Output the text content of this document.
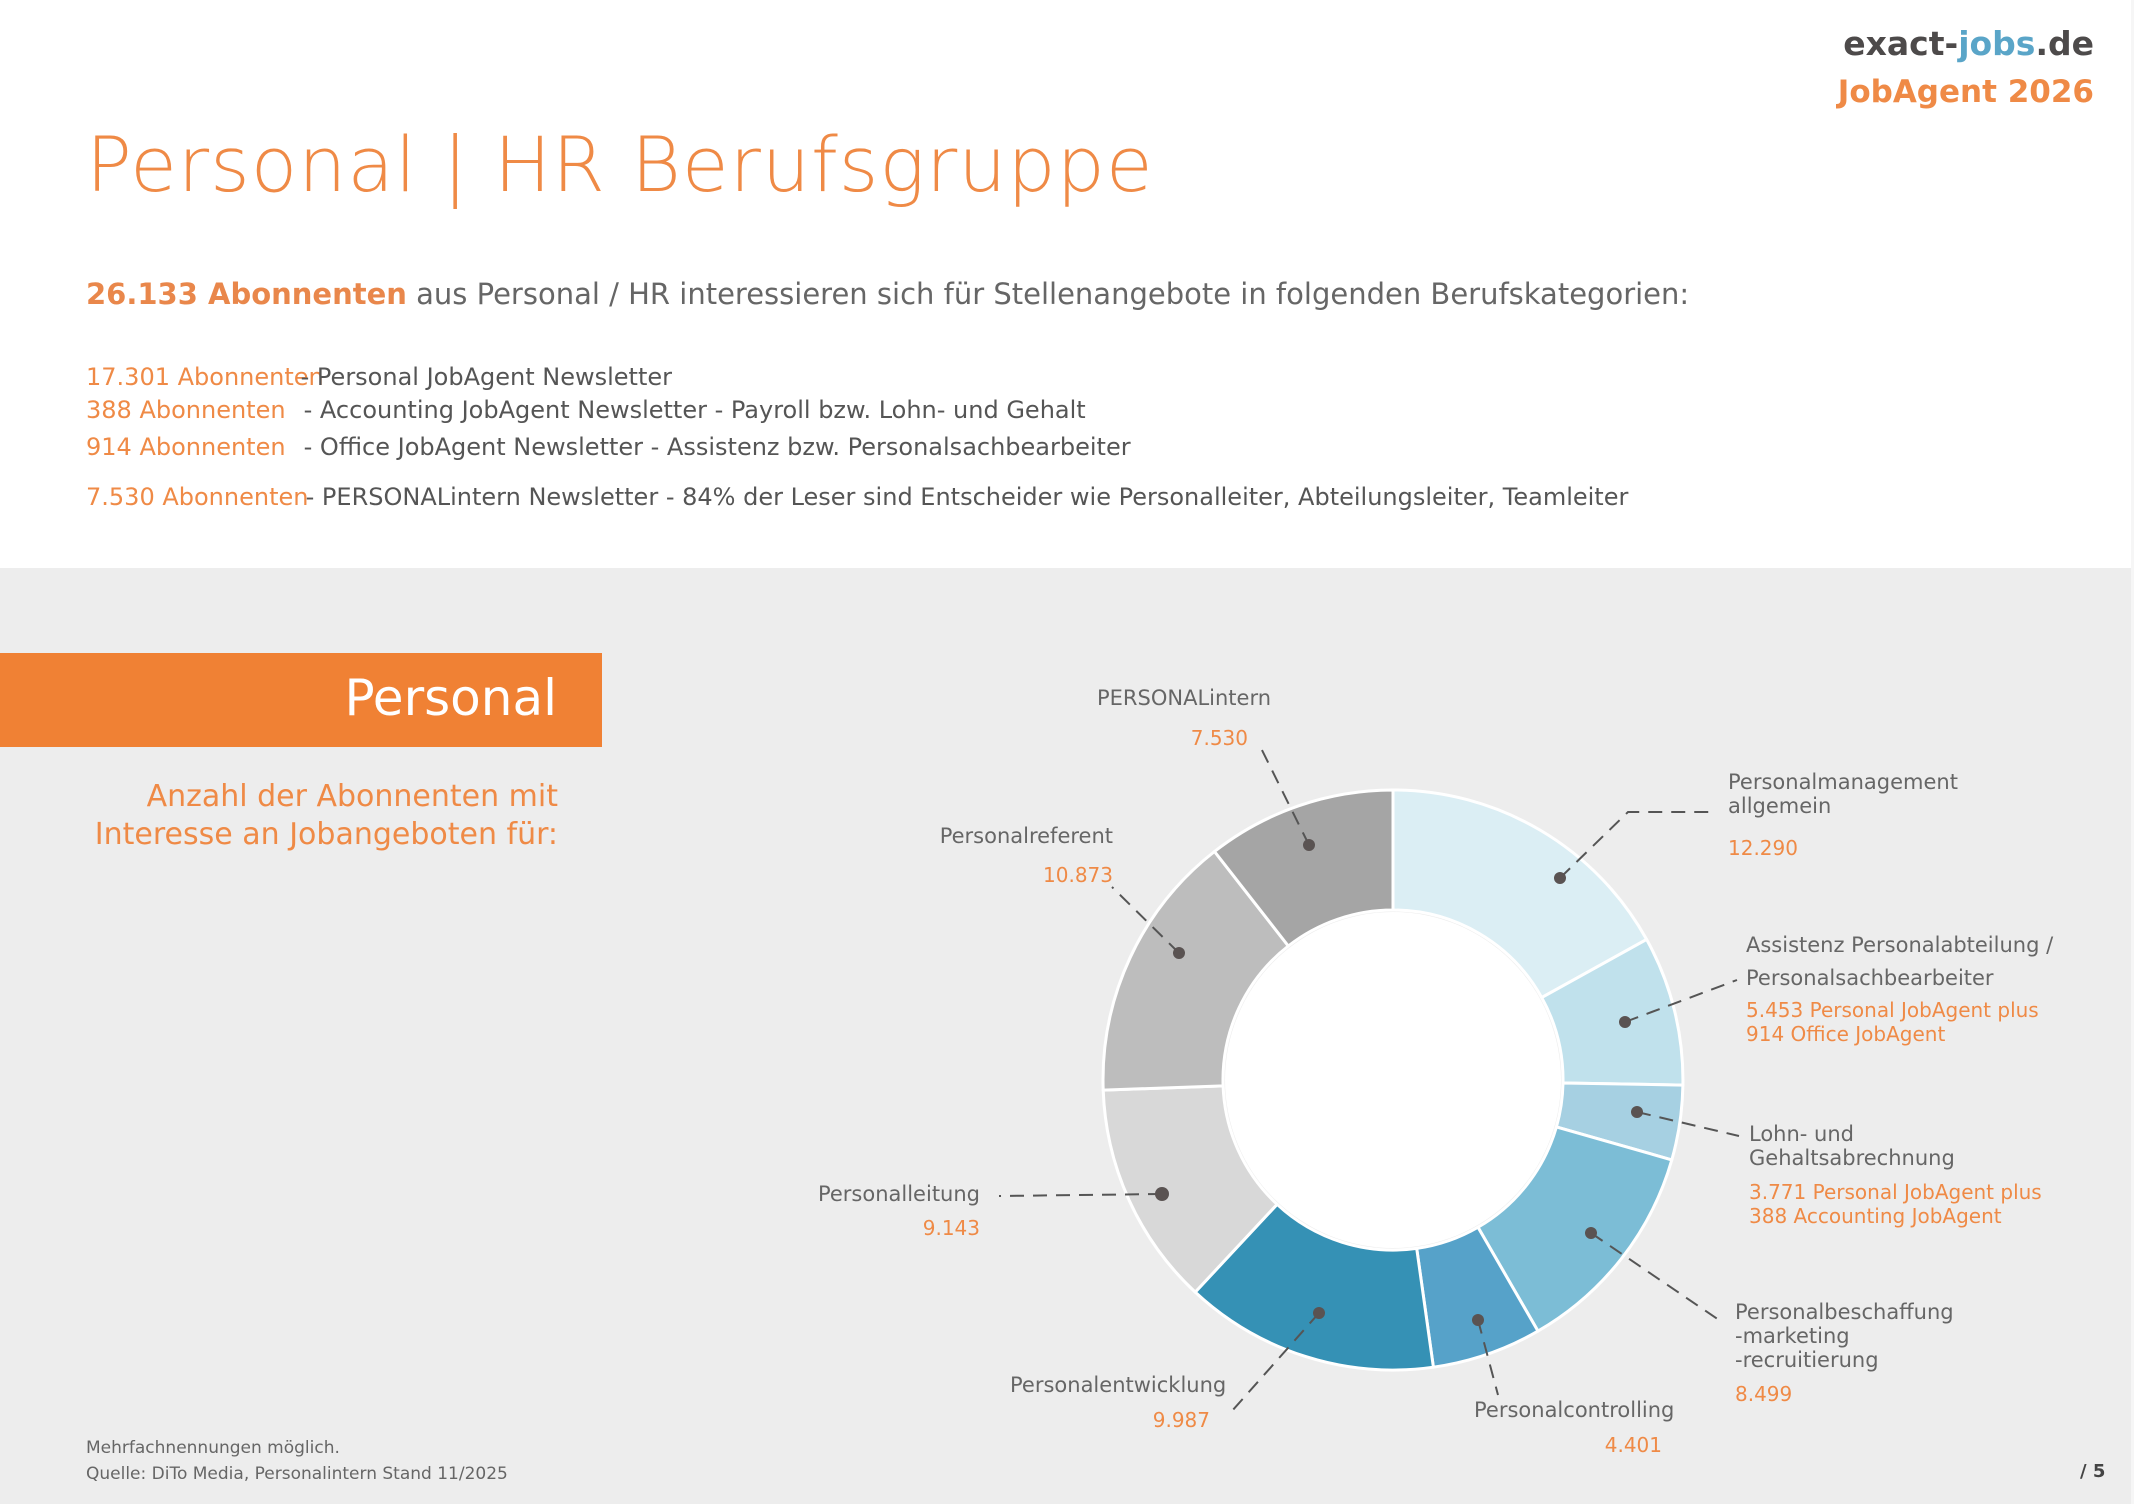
exact-jobs.de
JobAgent 2026
Personal | HR Berufsgruppe
26.133 Abonnenten aus Personal / HR interessieren sich für Stellenangebote in folgenden Berufskategorien:
17.301 Abonnenten - Personal JobAgent Newsletter
388 Abonnenten - Accounting JobAgent Newsletter - Payroll bzw. Lohn- und Gehalt
914 Abonnenten - Office JobAgent Newsletter - Assistenz bzw. Personalsachbearbeiter
7.530 Abonnenten - PERSONALintern Newsletter - 84% der Leser sind Entscheider wie Personalleiter, Abteilungsleiter, Teamleiter
Personal
Anzahl der Abonnenten mit
Interesse an Jobangeboten für:
Personalmanagement
allgemein
12.290
Assistenz Personalabteilung /
Personalsachbearbeiter
5.453 Personal JobAgent plus
914 Office JobAgent
Lohn- und
Gehaltsabrechnung
3.771 Personal JobAgent plus
388 Accounting JobAgent
Personalbeschaffung
-marketing
-recruitierung
8.499
Personalcontrolling
4.401
Personalentwicklung
9.987
Personalleitung
9.143
Personalreferent
10.873
PERSONALintern
7.530
Mehrfachnennungen möglich.
Quelle: DiTo Media, Personalintern Stand 11/2025	/ 5
